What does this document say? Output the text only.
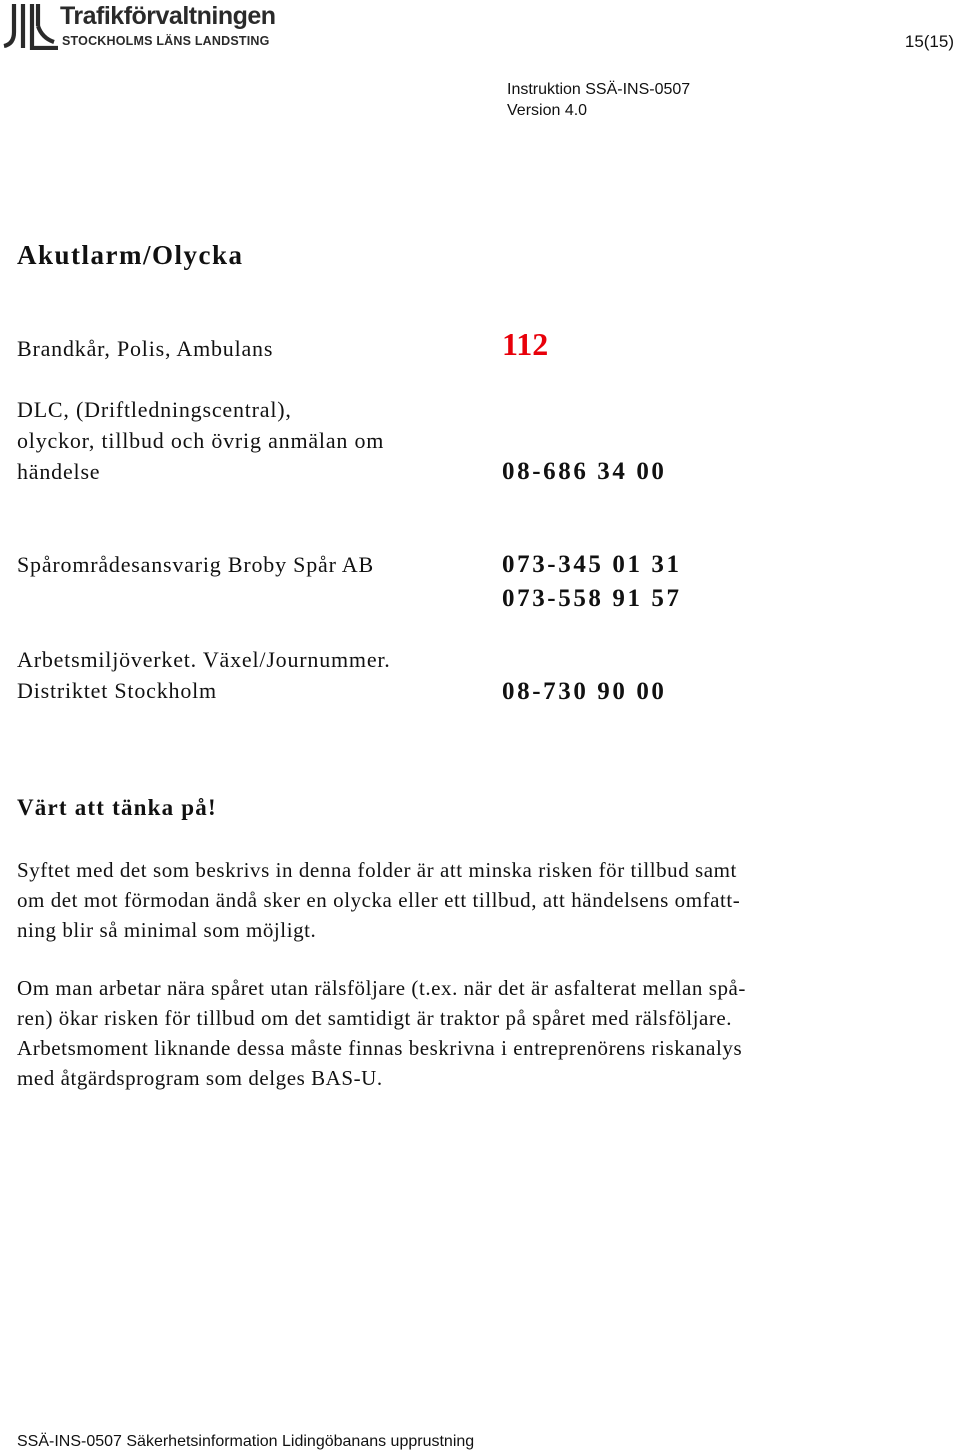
Trafikförvaltningen
STOCKHOLMS LÄNS LANDSTING	15(15)
Instruktion SSÄ-INS-0507
Version 4.0
Akutlarm/Olycka
Brandkår, Polis, Ambulans	112
DLC, (Driftledningscentral),
olyckor, tillbud och övrig anmälan om
händelse	08-686 34 00
Spårområdesansvarig Broby Spår AB	073-345 01 31
073-558 91 57
Arbetsmiljöverket. Växel/Journummer.
Distriktet Stockholm	08-730 90 00
Värt att tänka på!
Syftet med det som beskrivs in denna folder är att minska risken för tillbud samt
om det mot förmodan ändå sker en olycka eller ett tillbud, att händelsens omfatt-
ning blir så minimal som möjligt.
Om man arbetar nära spåret utan rälsföljare (t.ex. när det är asfalterat mellan spå-
ren) ökar risken för tillbud om det samtidigt är traktor på spåret med rälsföljare.
Arbetsmoment liknande dessa måste finnas beskrivna i entreprenörens riskanalys
med åtgärdsprogram som delges BAS-U.
SSÄ-INS-0507 Säkerhetsinformation Lidingöbanans upprustning
